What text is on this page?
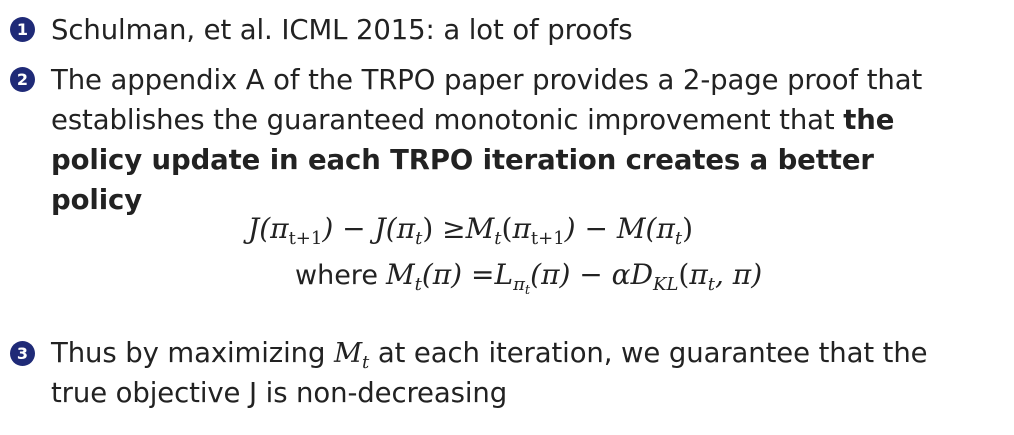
1 Schulman, et al. ICML 2015: a lot of proofs
2 The appendix A of the TRPO paper provides a 2-page proof that establishes the guaranteed monotonic improvement that the policy update in each TRPO iteration creates a better policy
$J(\pi_{t+1}) - J(\pi_t) \ge M_t(\pi_{t+1}) - M(\pi_t)$
where $M_t(\pi) =L_{\pi_t}(\pi) - \alpha D_{KL}(\pi_t$, π)
3 Thus by maximizing $M_t$ at each iteration, we guarantee that the true objective J is non-decreasing
